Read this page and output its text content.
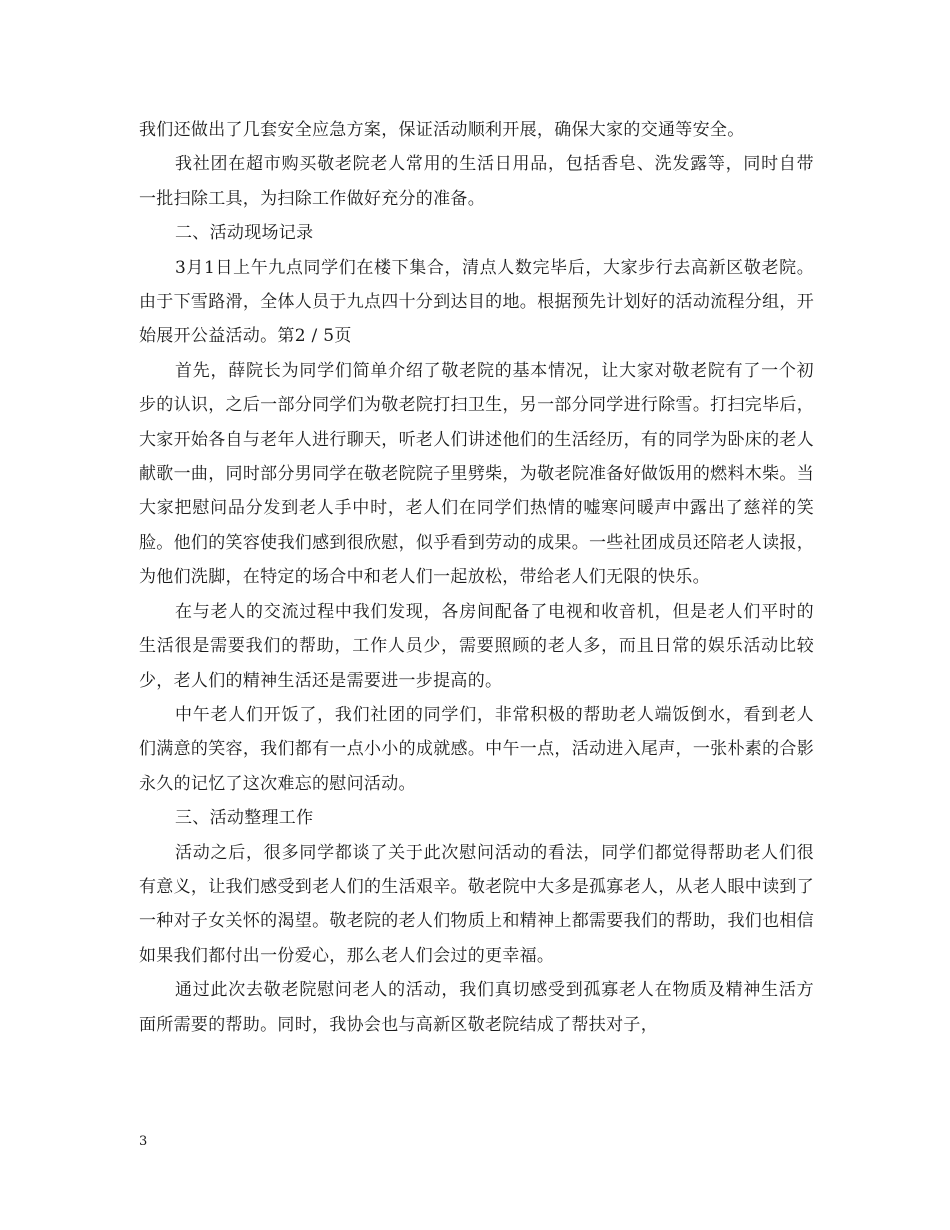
我们还做出了几套安全应急方案，保证活动顺利开展，确保大家的交通等安全。

我社团在超市购买敬老院老人常用的生活日用品，包括香皂、洗发露等，同时自带一批扫除工具，为扫除工作做好充分的准备。

二、活动现场记录

3月1日上午九点同学们在楼下集合，清点人数完毕后，大家步行去高新区敬老院。由于下雪路滑，全体人员于九点四十分到达目的地。根据预先计划好的活动流程分组，开始展开公益活动。第2 / 5页

首先，薛院长为同学们简单介绍了敬老院的基本情况，让大家对敬老院有了一个初步的认识，之后一部分同学们为敬老院打扫卫生，另一部分同学进行除雪。打扫完毕后，大家开始各自与老年人进行聊天，听老人们讲述他们的生活经历，有的同学为卧床的老人献歌一曲，同时部分男同学在敬老院院子里劈柴，为敬老院准备好做饭用的燃料木柴。当大家把慰问品分发到老人手中时，老人们在同学们热情的嘘寒问暖声中露出了慈祥的笑脸。他们的笑容使我们感到很欣慰，似乎看到劳动的成果。一些社团成员还陪老人读报，为他们洗脚，在特定的场合中和老人们一起放松，带给老人们无限的快乐。

在与老人的交流过程中我们发现，各房间配备了电视和收音机，但是老人们平时的生活很是需要我们的帮助，工作人员少，需要照顾的老人多，而且日常的娱乐活动比较少，老人们的精神生活还是需要进一步提高的。

中午老人们开饭了，我们社团的同学们，非常积极的帮助老人端饭倒水，看到老人们满意的笑容，我们都有一点小小的成就感。中午一点，活动进入尾声，一张朴素的合影永久的记忆了这次难忘的慰问活动。

三、活动整理工作

活动之后，很多同学都谈了关于此次慰问活动的看法，同学们都觉得帮助老人们很有意义，让我们感受到老人们的生活艰辛。敬老院中大多是孤寡老人，从老人眼中读到了一种对子女关怀的渴望。敬老院的老人们物质上和精神上都需要我们的帮助，我们也相信如果我们都付出一份爱心，那么老人们会过的更幸福。

通过此次去敬老院慰问老人的活动，我们真切感受到孤寡老人在物质及精神生活方面所需要的帮助。同时，我协会也与高新区敬老院结成了帮扶对子，

3
